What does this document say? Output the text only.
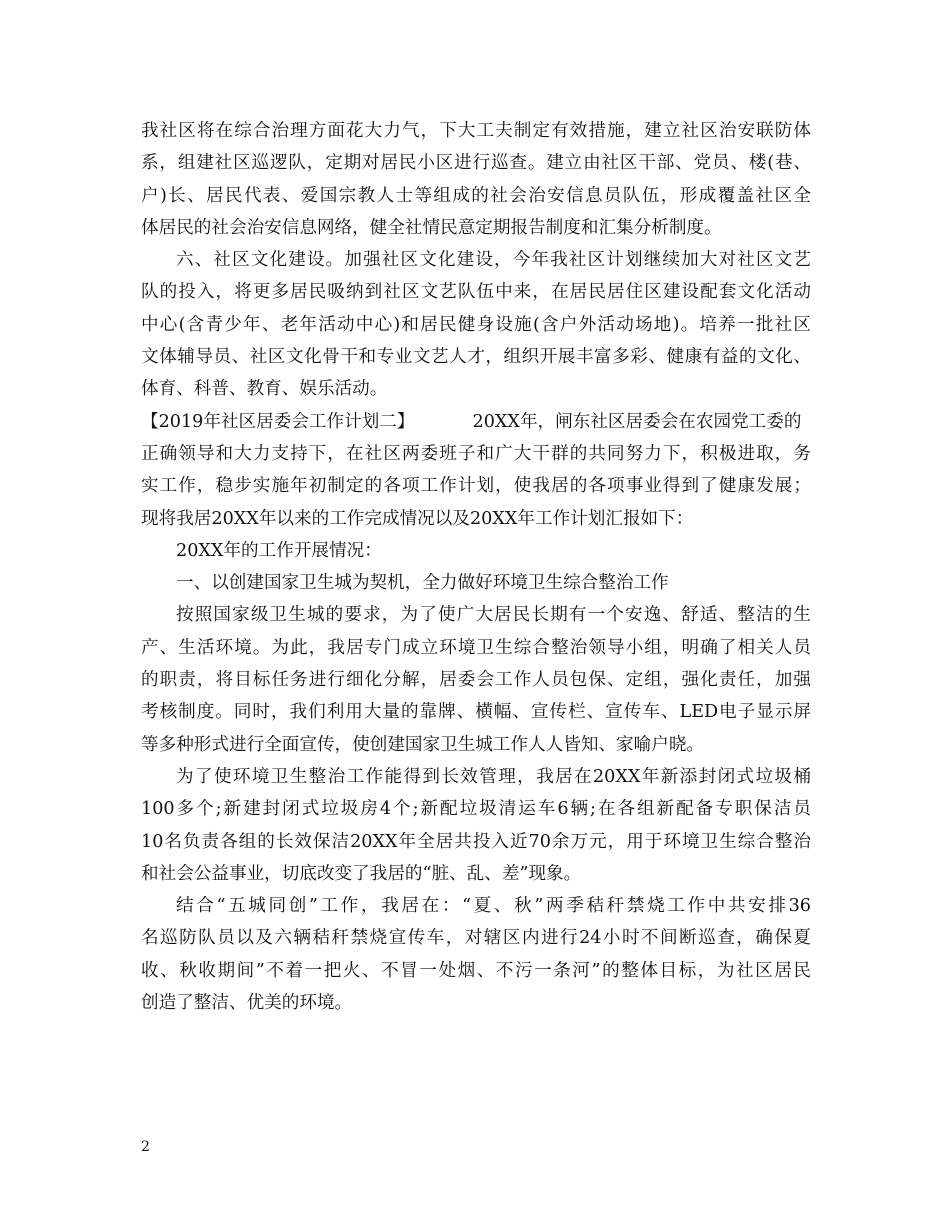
我社区将在综合治理方面花大力气，下大工夫制定有效措施，建立社区治安联防体
系，组建社区巡逻队，定期对居民小区进行巡查。建立由社区干部、党员、楼(巷、
户)长、居民代表、爱国宗教人士等组成的社会治安信息员队伍，形成覆盖社区全
体居民的社会治安信息网络，健全社情民意定期报告制度和汇集分析制度。
六、社区文化建设。加强社区文化建设，今年我社区计划继续加大对社区文艺
队的投入，将更多居民吸纳到社区文艺队伍中来，在居民居住区建设配套文化活动
中心(含青少年、老年活动中心)和居民健身设施(含户外活动场地)。培养一批社区
文体辅导员、社区文化骨干和专业文艺人才，组织开展丰富多彩、健康有益的文化、
体育、科普、教育、娱乐活动。
【2019年社区居委会工作计划二】	20XX年，闸东社区居委会在农园党工委的
正确领导和大力支持下，在社区两委班子和广大干群的共同努力下，积极进取，务
实工作，稳步实施年初制定的各项工作计划，使我居的各项事业得到了健康发展；
现将我居20XX年以来的工作完成情况以及20XX年工作计划汇报如下：
20XX年的工作开展情况：
一、以创建国家卫生城为契机，全力做好环境卫生综合整治工作
按照国家级卫生城的要求，为了使广大居民长期有一个安逸、舒适、整洁的生
产、生活环境。为此，我居专门成立环境卫生综合整治领导小组，明确了相关人员
的职责，将目标任务进行细化分解，居委会工作人员包保、定组，强化责任，加强
考核制度。同时，我们利用大量的靠牌、横幅、宣传栏、宣传车、LED电子显示屏
等多种形式进行全面宣传，使创建国家卫生城工作人人皆知、家喻户晓。
为了使环境卫生整治工作能得到长效管理，我居在20XX年新添封闭式垃圾桶
100多个;新建封闭式垃圾房4个;新配垃圾清运车6辆;在各组新配备专职保洁员
10名负责各组的长效保洁20XX年全居共投入近70余万元，用于环境卫生综合整治
和社会公益事业，切底改变了我居的“脏、乱、差”现象。
结合“五城同创”工作，我居在：“夏、秋”两季秸秆禁烧工作中共安排36
名巡防队员以及六辆秸秆禁烧宣传车，对辖区内进行24小时不间断巡查，确保夏
收、秋收期间”不着一把火、不冒一处烟、不污一条河”的整体目标，为社区居民
创造了整洁、优美的环境。
2
